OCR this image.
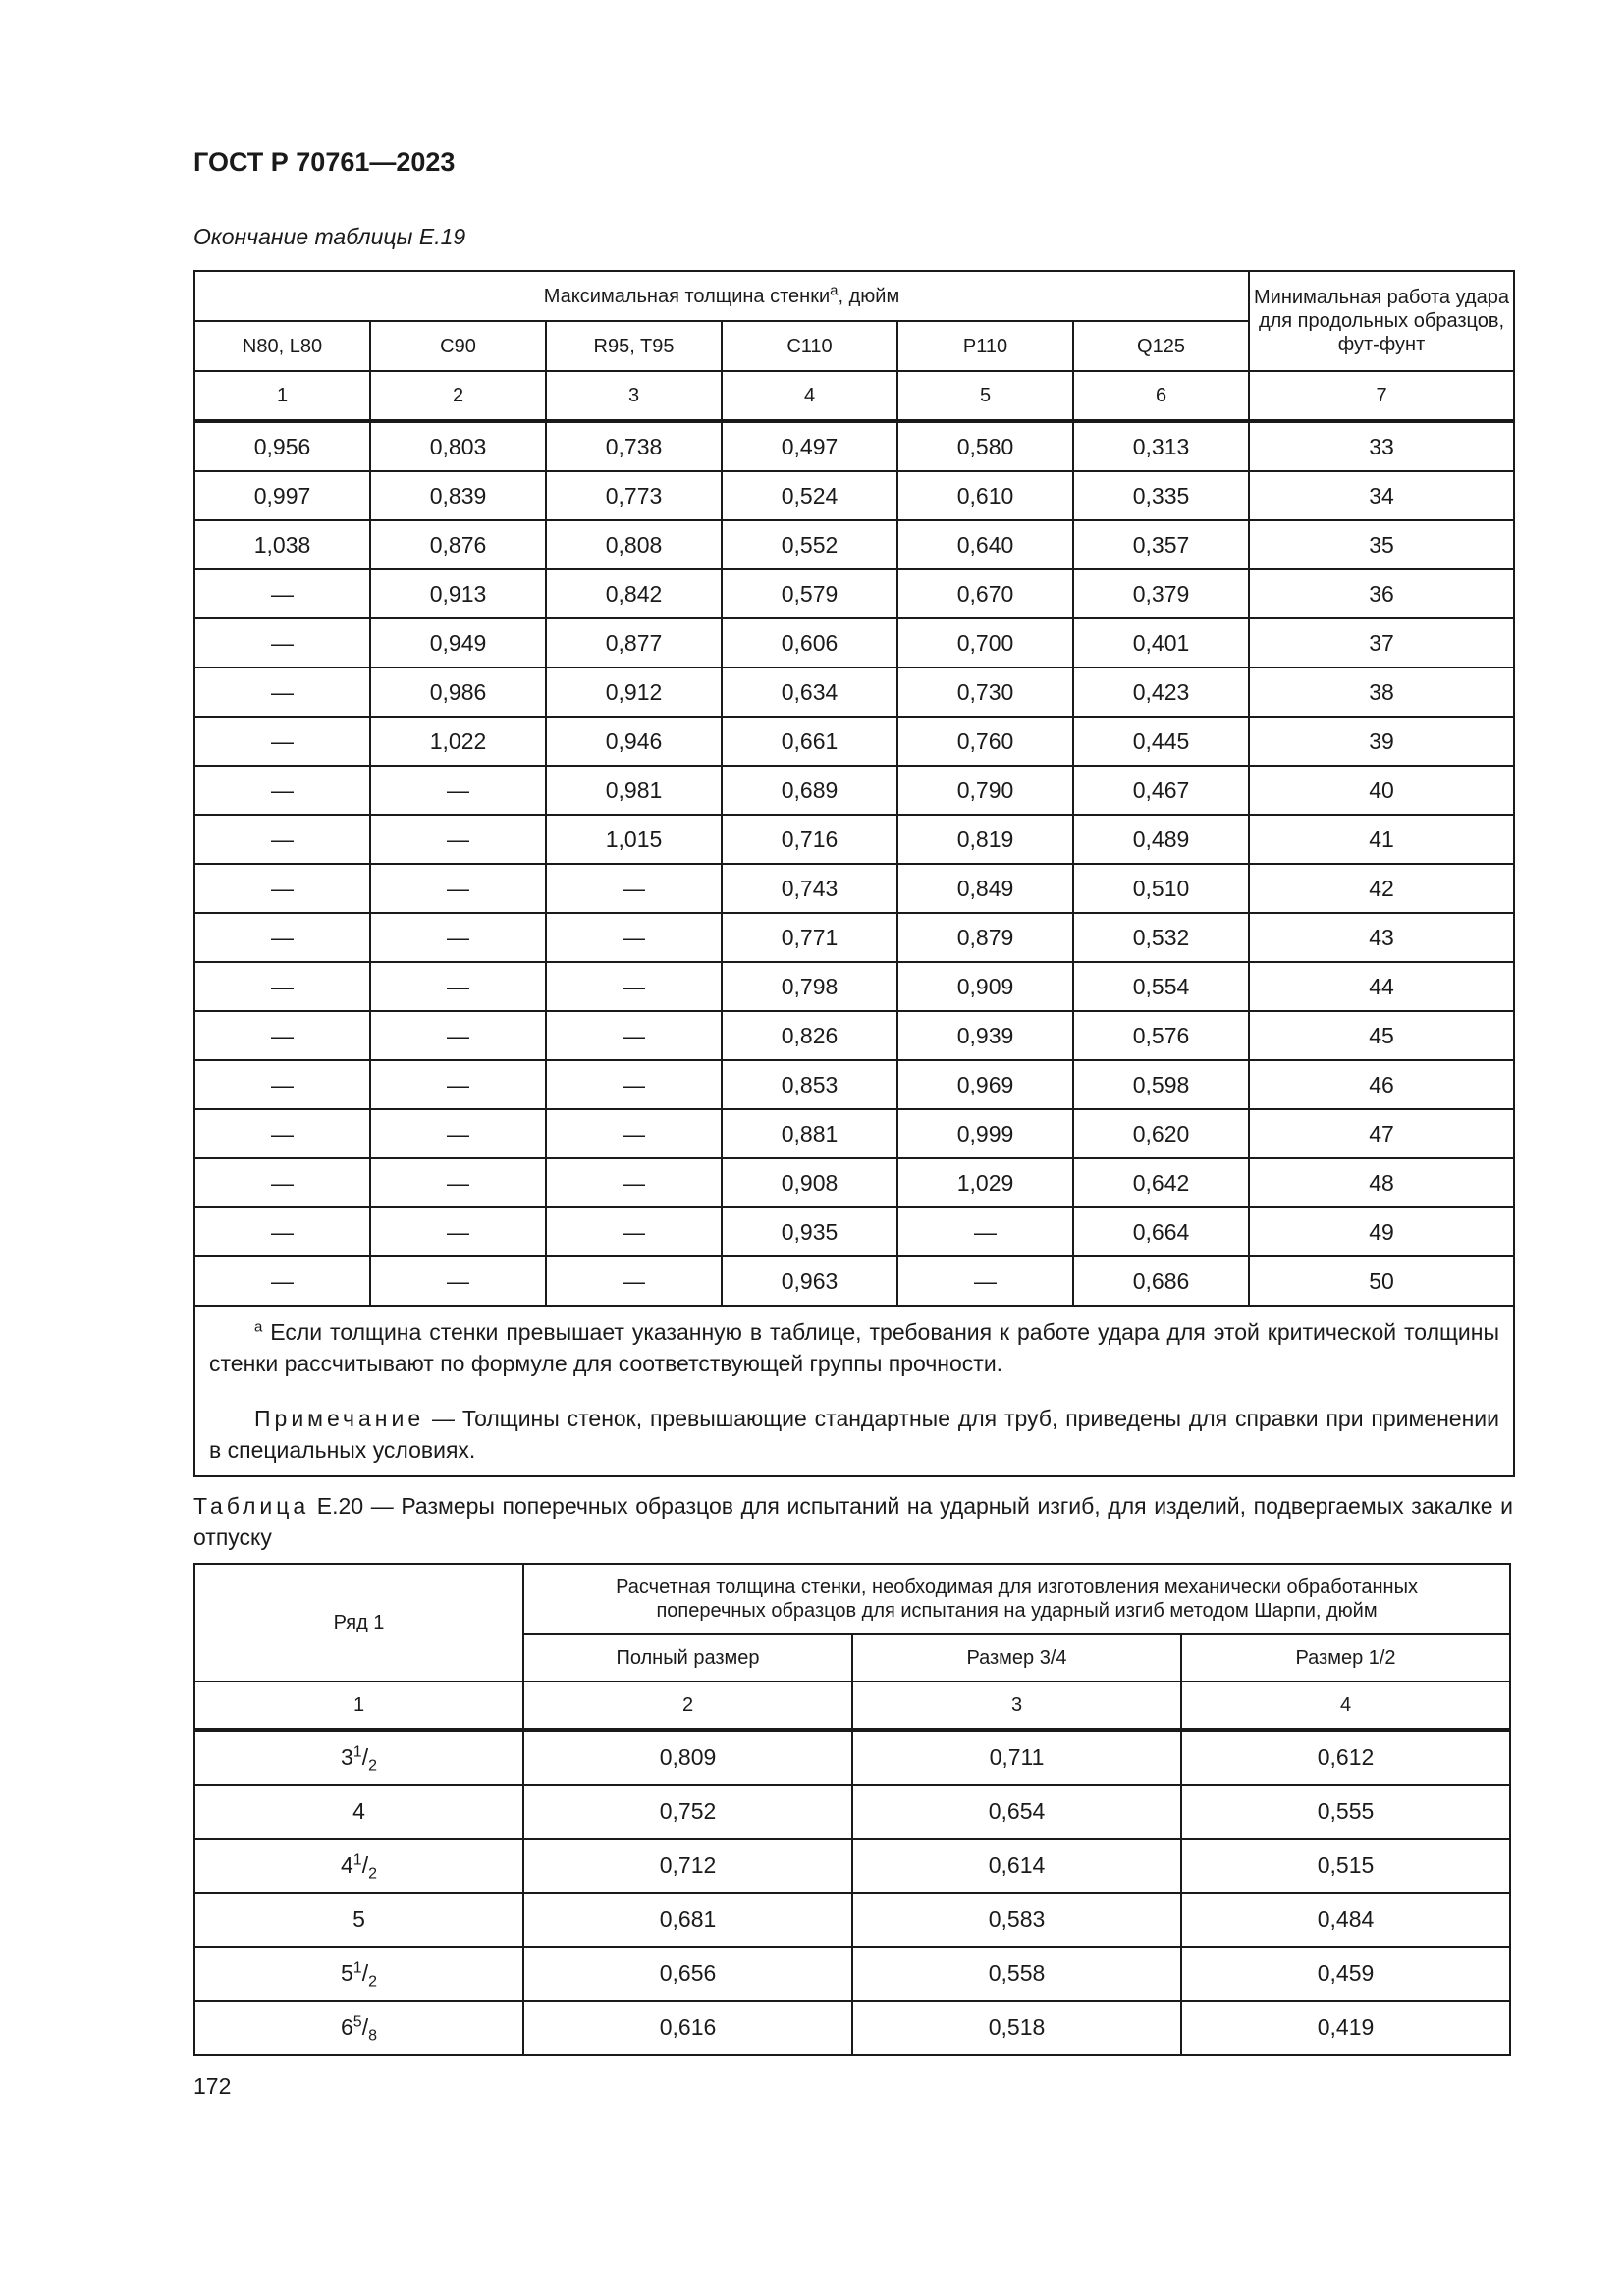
ГОСТ Р 70761—2023
Окончание таблицы Е.19
Максимальная толщина стенки$^a$, дюйм						Минимальная работа удара для продольных образцов, фут-фунт
N80, L80	C90	R95, T95	C110	P110	Q125	
1	2	3	4	5	6	7
0,956	0,803	0,738	0,497	0,580	0,313	33
0,997	0,839	0,773	0,524	0,610	0,335	34
1,038	0,876	0,808	0,552	0,640	0,357	35
—	0,913	0,842	0,579	0,670	0,379	36
—	0,949	0,877	0,606	0,700	0,401	37
—	0,986	0,912	0,634	0,730	0,423	38
—	1,022	0,946	0,661	0,760	0,445	39
—	—	0,981	0,689	0,790	0,467	40
—	—	1,015	0,716	0,819	0,489	41
—	—	—	0,743	0,849	0,510	42
—	—	—	0,771	0,879	0,532	43
—	—	—	0,798	0,909	0,554	44
—	—	—	0,826	0,939	0,576	45
—	—	—	0,853	0,969	0,598	46
—	—	—	0,881	0,999	0,620	47
—	—	—	0,908	1,029	0,642	48
—	—	—	0,935	—	0,664	49
—	—	—	0,963	—	0,686	50

$^a$ Если толщина стенки превышает указанную в таблице, требования к работе удара для этой критической толщины стенки рассчитывают по формуле для соответствующей группы прочности.

Примечание — Толщины стенок, превышающие стандартные для труб, приведены для справки при применении в специальных условиях.						

Таблица Е.20 — Размеры поперечных образцов для испытаний на ударный изгиб, для изделий, подвергаемых закалке и отпуску
Ряд 1	Расчетная толщина стенки, необходимая для изготовления механически обработанных поперечных образцов для испытания на ударный изгиб методом Шарпи, дюйм		
	Полный размер	Размер 3/4	Размер 1/2
1	2	3	4
$3^1/_2$	0,809	0,711	0,612
4	0,752	0,654	0,555
$4^1/_2$	0,712	0,614	0,515
5	0,681	0,583	0,484
$5^1/_2$	0,656	0,558	0,459
$6^5/_8$	0,616	0,518	0,419
172
